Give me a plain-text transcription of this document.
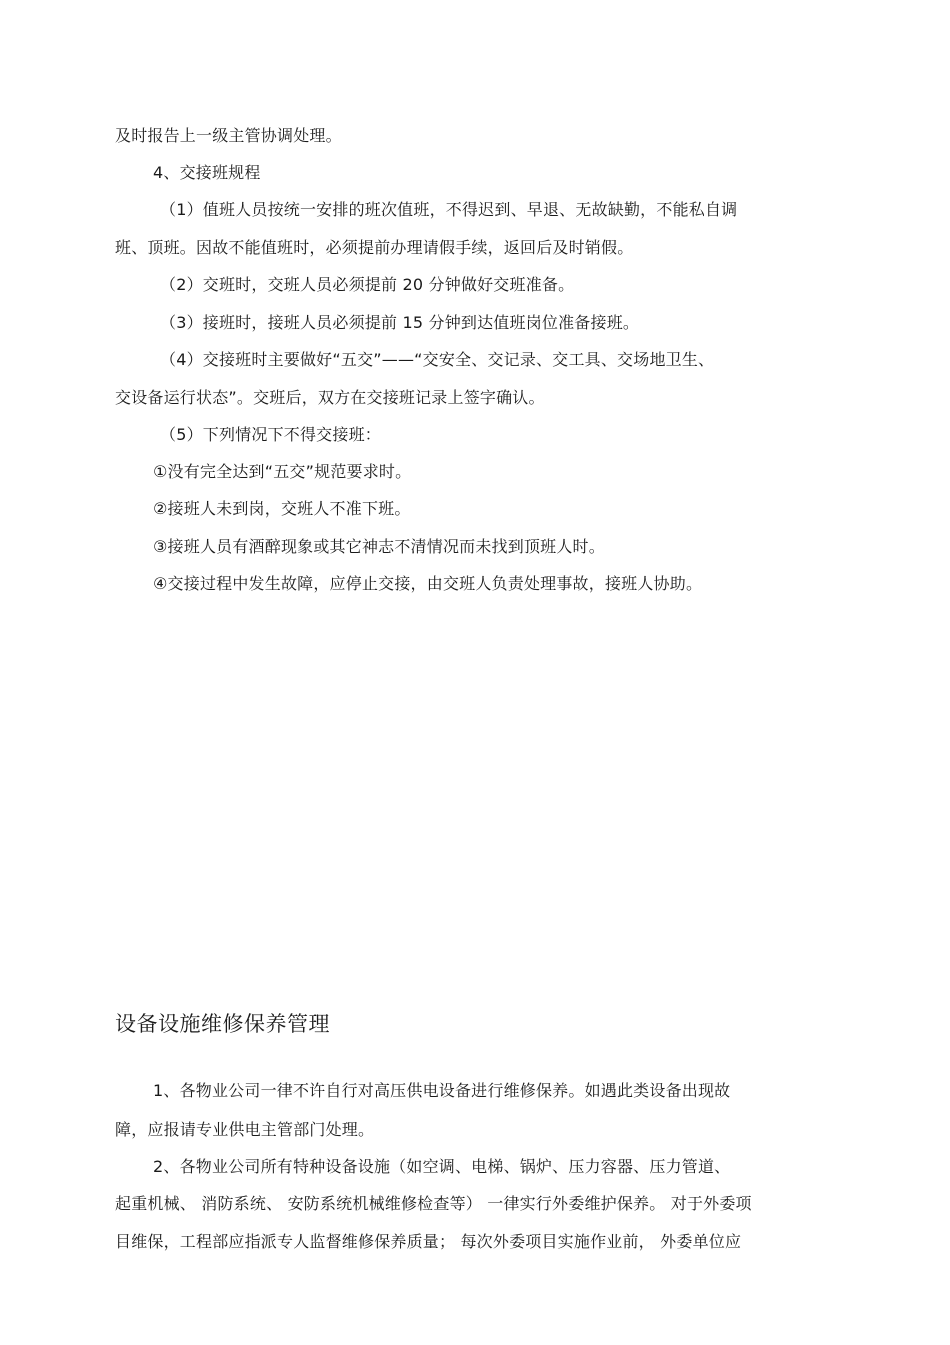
及时报告上一级主管协调处理。
4、交接班规程
（1）值班人员按统一安排的班次值班，不得迟到、早退、无故缺勤，不能私自调
班、顶班。因故不能值班时，必须提前办理请假手续，返回后及时销假。
（2）交班时，交班人员必须提前 20 分钟做好交班准备。
（3）接班时，接班人员必须提前 15 分钟到达值班岗位准备接班。
（4）交接班时主要做好“五交”——“交安全、交记录、交工具、交场地卫生、
交设备运行状态”。交班后，双方在交接班记录上签字确认。
（5）下列情况下不得交接班：
①没有完全达到“五交”规范要求时。
②接班人未到岗，交班人不准下班。
③接班人员有酒醉现象或其它神志不清情况而未找到顶班人时。
④交接过程中发生故障，应停止交接，由交班人负责处理事故，接班人协助。
设备设施维修保养管理
1、各物业公司一律不许自行对高压供电设备进行维修保养。如遇此类设备出现故
障，应报请专业供电主管部门处理。
2、各物业公司所有特种设备设施（如空调、电梯、锅炉、压力容器、压力管道、
起重机械、 消防系统、 安防系统机械维修检查等） 一律实行外委维护保养。 对于外委项
目维保，工程部应指派专人监督维修保养质量； 每次外委项目实施作业前， 外委单位应
